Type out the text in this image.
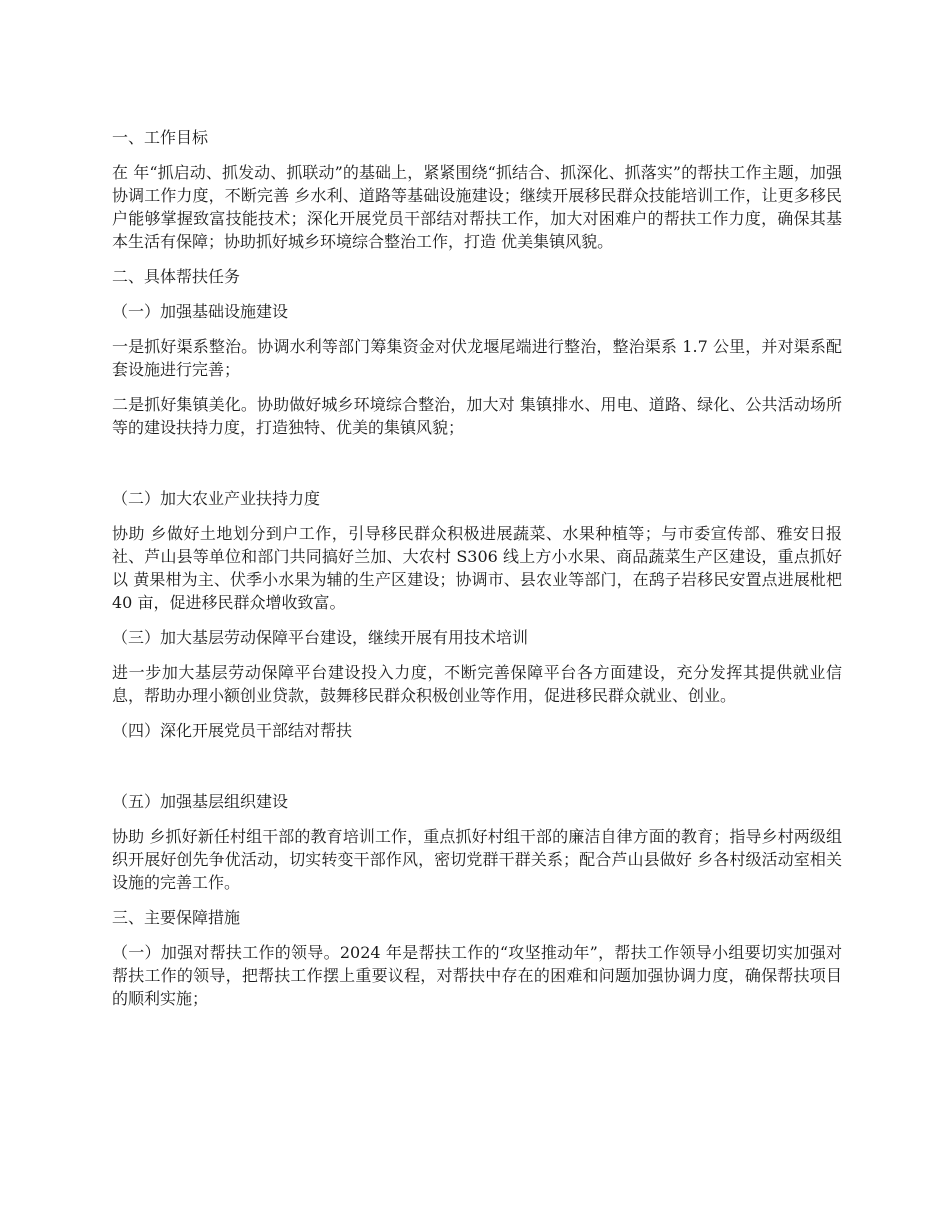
一、工作目标

在 年“抓启动、抓发动、抓联动”的基础上，紧紧围绕“抓结合、抓深化、抓落实”的帮扶工作主题，加强协调工作力度，不断完善 乡水利、道路等基础设施建设；继续开展移民群众技能培训工作，让更多移民户能够掌握致富技能技术；深化开展党员干部结对帮扶工作，加大对困难户的帮扶工作力度，确保其基本生活有保障；协助抓好城乡环境综合整治工作，打造 优美集镇风貌。

二、具体帮扶任务

（一）加强基础设施建设

一是抓好渠系整治。协调水利等部门筹集资金对伏龙堰尾端进行整治，整治渠系 1.7 公里，并对渠系配套设施进行完善；

二是抓好集镇美化。协助做好城乡环境综合整治，加大对 集镇排水、用电、道路、绿化、公共活动场所等的建设扶持力度，打造独特、优美的集镇风貌；

（二）加大农业产业扶持力度

协助 乡做好土地划分到户工作，引导移民群众积极进展蔬菜、水果种植等；与市委宣传部、雅安日报社、芦山县等单位和部门共同搞好兰加、大农村 S306 线上方小水果、商品蔬菜生产区建设，重点抓好以 黄果柑为主、伏季小水果为辅的生产区建设；协调市、县农业等部门，在鸹子岩移民安置点进展枇杷 40 亩，促进移民群众增收致富。

（三）加大基层劳动保障平台建设，继续开展有用技术培训

进一步加大基层劳动保障平台建设投入力度，不断完善保障平台各方面建设，充分发挥其提供就业信息，帮助办理小额创业贷款，鼓舞移民群众积极创业等作用，促进移民群众就业、创业。

（四）深化开展党员干部结对帮扶

（五）加强基层组织建设

协助 乡抓好新任村组干部的教育培训工作，重点抓好村组干部的廉洁自律方面的教育；指导乡村两级组织开展好创先争优活动，切实转变干部作风，密切党群干群关系；配合芦山县做好 乡各村级活动室相关设施的完善工作。

三、主要保障措施

（一）加强对帮扶工作的领导。2024 年是帮扶工作的“攻坚推动年”，帮扶工作领导小组要切实加强对帮扶工作的领导，把帮扶工作摆上重要议程，对帮扶中存在的困难和问题加强协调力度，确保帮扶项目的顺利实施；
